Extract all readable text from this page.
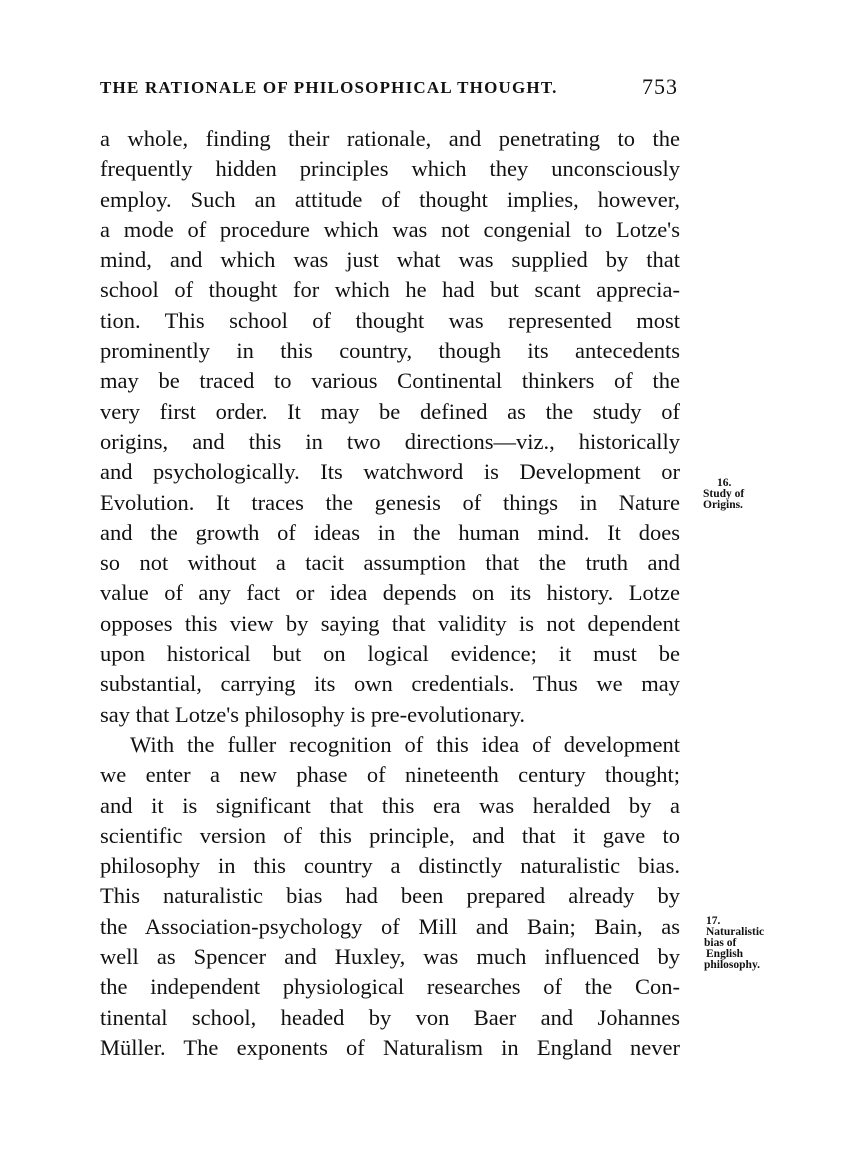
THE RATIONALE OF PHILOSOPHICAL THOUGHT.	753
a whole, finding their rationale, and penetrating to the
frequently hidden principles which they unconsciously
employ. Such an attitude of thought implies, however,
a mode of procedure which was not congenial to Lotze's
mind, and which was just what was supplied by that
school of thought for which he had but scant apprecia-
tion. This school of thought was represented most
prominently in this country, though its antecedents
may be traced to various Continental thinkers of the
very first order. It may be defined as the study of
origins, and this in two directions—viz., historically
and psychologically. Its watchword is Development or
Evolution. It traces the genesis of things in Nature
and the growth of ideas in the human mind. It does
so not without a tacit assumption that the truth and
value of any fact or idea depends on its history. Lotze
opposes this view by saying that validity is not dependent
upon historical but on logical evidence; it must be
substantial, carrying its own credentials. Thus we may
say that Lotze's philosophy is pre-evolutionary.
With the fuller recognition of this idea of development
we enter a new phase of nineteenth century thought;
and it is significant that this era was heralded by a
scientific version of this principle, and that it gave to
philosophy in this country a distinctly naturalistic bias.
This naturalistic bias had been prepared already by
the Association-psychology of Mill and Bain; Bain, as
well as Spencer and Huxley, was much influenced by
the independent physiological researches of the Con-
tinental school, headed by von Baer and Johannes
Müller. The exponents of Naturalism in England never
16.
Study of
Origins.
17.
Naturalistic
bias of
English
philosophy.
